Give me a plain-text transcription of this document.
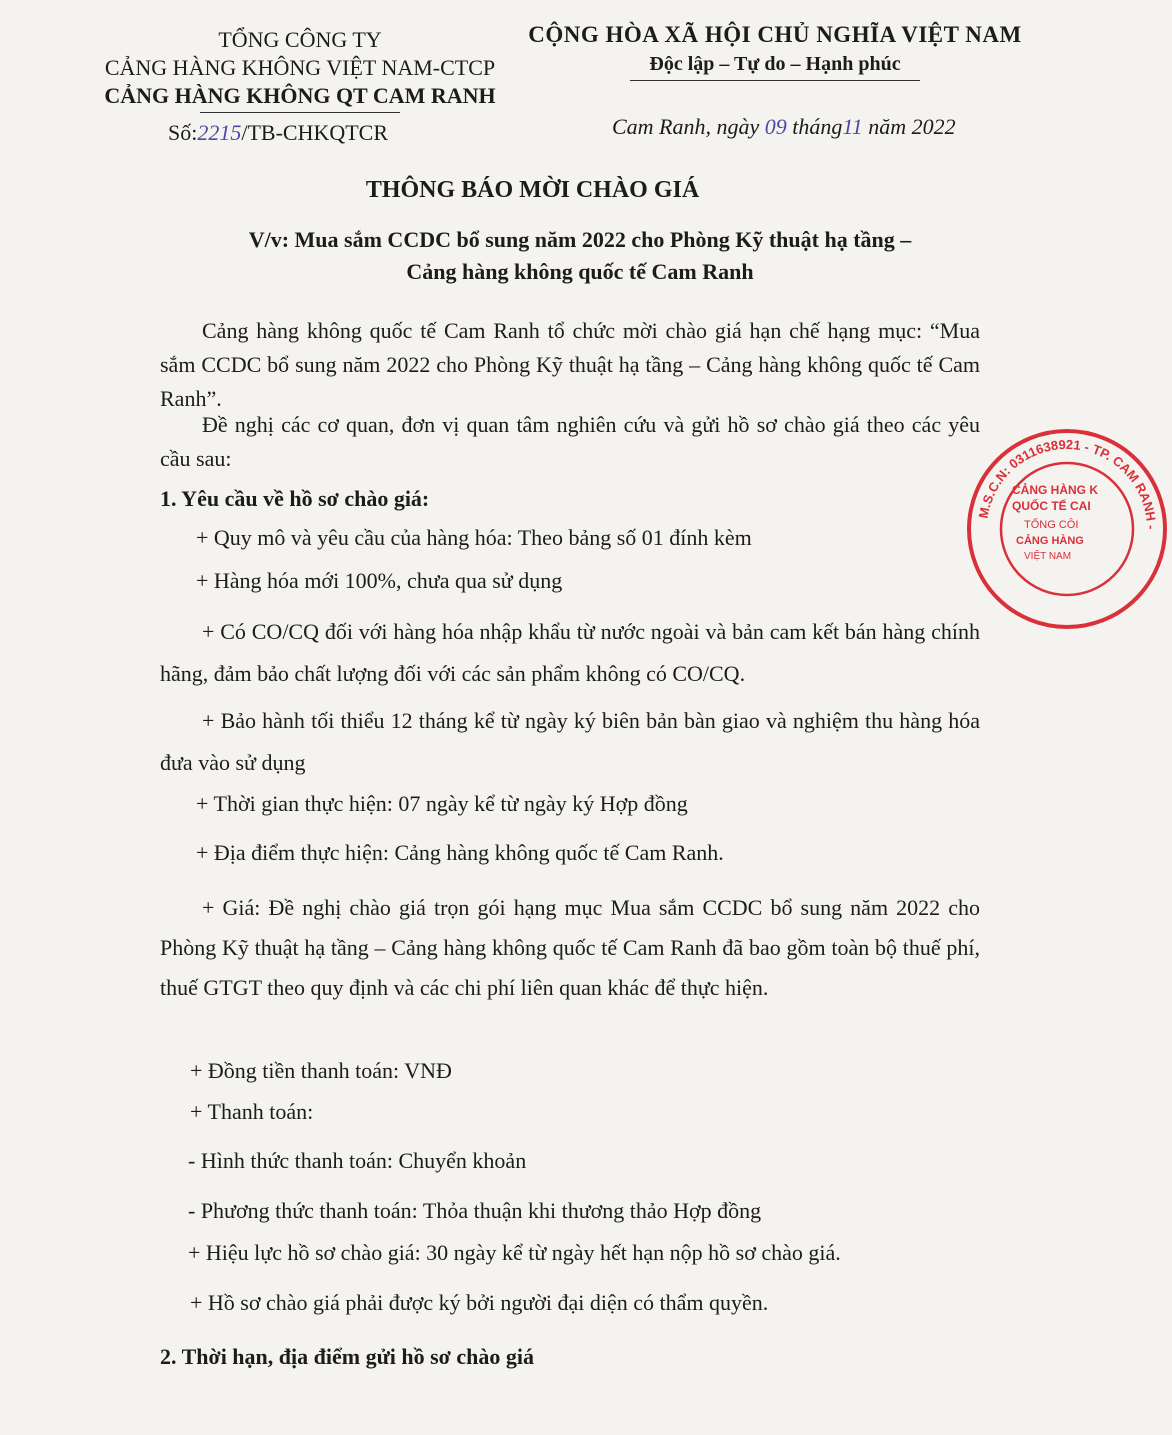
TỔNG CÔNG TY
CẢNG HÀNG KHÔNG VIỆT NAM-CTCP
CẢNG HÀNG KHÔNG QT CAM RANH
CỘNG HÒA XÃ HỘI CHỦ NGHĨA VIỆT NAM
Độc lập – Tự do – Hạnh phúc
Số:2215/TB-CHKQTCR	Cam Ranh, ngày 09 tháng11 năm 2022
THÔNG BÁO MỜI CHÀO GIÁ
V/v: Mua sắm CCDC bổ sung năm 2022 cho Phòng Kỹ thuật hạ tầng –
Cảng hàng không quốc tế Cam Ranh
Cảng hàng không quốc tế Cam Ranh tổ chức mời chào giá hạn chế hạng mục: “Mua sắm CCDC bổ sung năm 2022 cho Phòng Kỹ thuật hạ tầng – Cảng hàng không quốc tế Cam Ranh”.
Đề nghị các cơ quan, đơn vị quan tâm nghiên cứu và gửi hồ sơ chào giá theo các yêu cầu sau:
1. Yêu cầu về hồ sơ chào giá:
+ Quy mô và yêu cầu của hàng hóa: Theo bảng số 01 đính kèm
+ Hàng hóa mới 100%, chưa qua sử dụng
+ Có CO/CQ đối với hàng hóa nhập khẩu từ nước ngoài và bản cam kết bán hàng chính hãng, đảm bảo chất lượng đối với các sản phẩm không có CO/CQ.
+ Bảo hành tối thiểu 12 tháng kể từ ngày ký biên bản bàn giao và nghiệm thu hàng hóa đưa vào sử dụng
+ Thời gian thực hiện: 07 ngày kể từ ngày ký Hợp đồng
+ Địa điểm thực hiện: Cảng hàng không quốc tế Cam Ranh.
+ Giá: Đề nghị chào giá trọn gói hạng mục Mua sắm CCDC bổ sung năm 2022 cho Phòng Kỹ thuật hạ tầng – Cảng hàng không quốc tế Cam Ranh đã bao gồm toàn bộ thuế phí, thuế GTGT theo quy định và các chi phí liên quan khác để thực hiện.
+ Đồng tiền thanh toán: VNĐ
+ Thanh toán:
- Hình thức thanh toán: Chuyển khoản
- Phương thức thanh toán: Thỏa thuận khi thương thảo Hợp đồng
+ Hiệu lực hồ sơ chào giá: 30 ngày kể từ ngày hết hạn nộp hồ sơ chào giá.
+ Hồ sơ chào giá phải được ký bởi người đại diện có thẩm quyền.
2. Thời hạn, địa điểm gửi hồ sơ chào giá
M.S.C.N: 0311638921 - TP. CAM RANH -
CẢNG HÀNG K
QUỐC TẾ CAI
TỔNG CÔI
CẢNG HÀNG
VIỆT NAM
